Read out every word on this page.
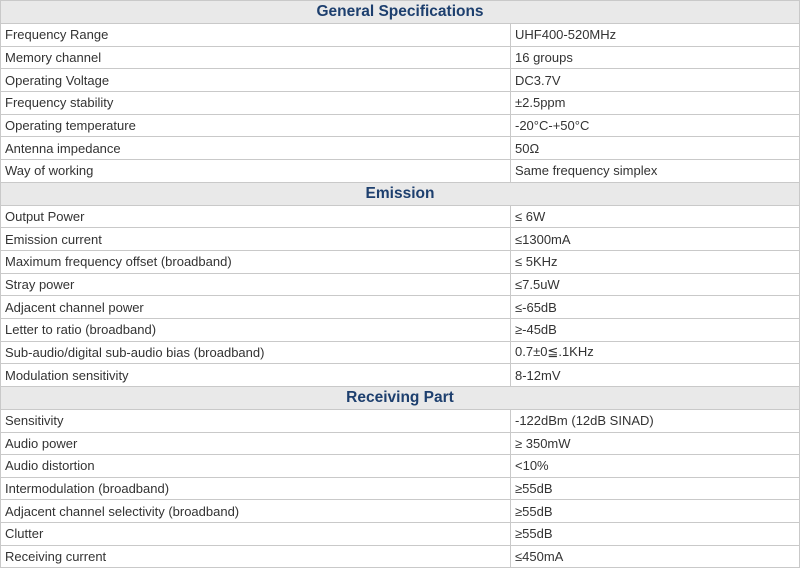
General Specifications	
Frequency Range	UHF400-520MHz
Memory channel	16 groups
Operating Voltage	DC3.7V
Frequency stability	±2.5ppm
Operating temperature	-20°C-+50°C
Antenna impedance	50Ω
Way of working	Same frequency simplex
Emission	
Output Power	≤ 6W
Emission current	≤1300mA
Maximum frequency offset (broadband)	≤ 5KHz
Stray power	≤7.5uW
Adjacent channel power	≤-65dB
Letter to ratio (broadband)	≥-45dB
Sub-audio/digital sub-audio bias (broadband)	0.7±0≦.1KHz
Modulation sensitivity	8-12mV
Receiving Part	
Sensitivity	-122dBm (12dB SINAD)
Audio power	≥ 350mW
Audio distortion	<10%
Intermodulation (broadband)	≥55dB
Adjacent channel selectivity (broadband)	≥55dB
Clutter	≥55dB
Receiving current	≤450mA
